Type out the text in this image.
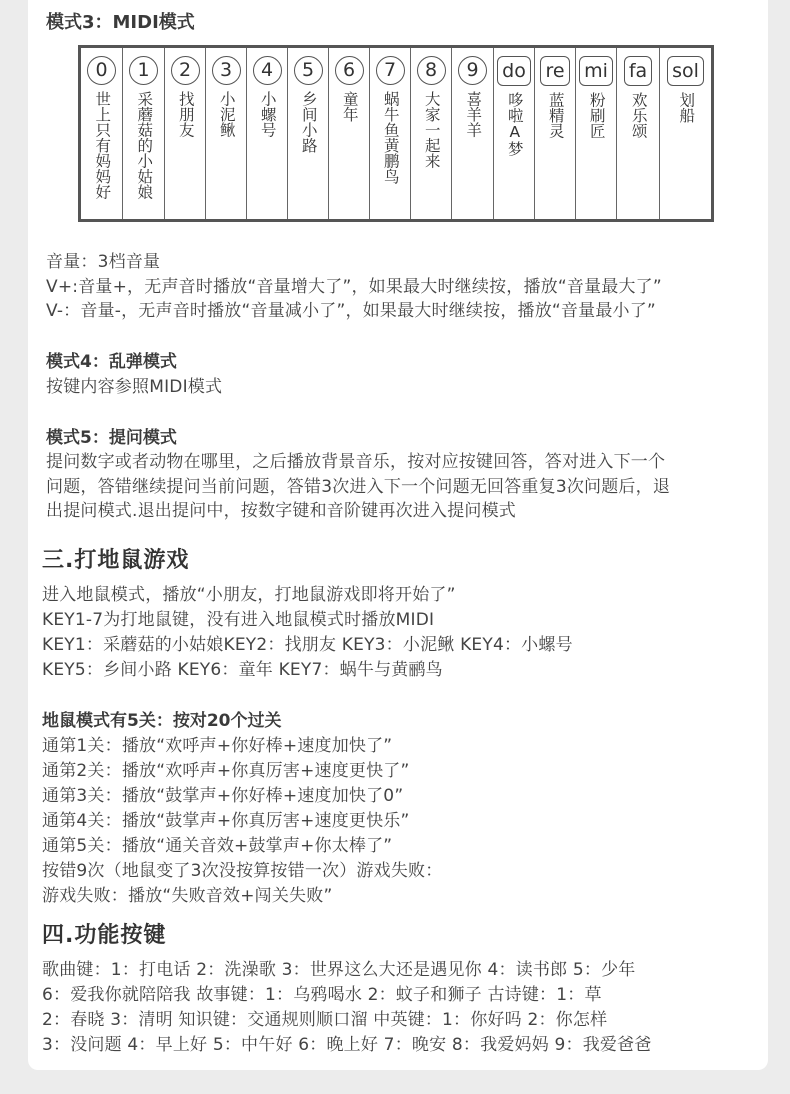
模式3：MIDI模式
0
世上只有妈妈好
1
采蘑菇的小姑娘
2
找朋友
3
小泥鳅
4
小螺号
5
乡间小路
6
童年
7
蜗牛鱼黄鹏鸟
8
大家一起来
9
喜羊羊
do
哆啦A梦
re
蓝精灵
mi
粉刷匠
fa
欢乐颂
sol
划船
音量：3档音量
V+:音量+，无声音时播放“音量增大了”，如果最大时继续按，播放“音量最大了”
V-：音量-，无声音时播放“音量减小了”，如果最大时继续按，播放“音量最小了”
模式4：乱弹模式
按键内容参照MIDI模式
模式5：提问模式
提问数字或者动物在哪里，之后播放背景音乐，按对应按键回答，答对进入下一个
问题，答错继续提问当前问题，答错3次进入下一个问题无回答重复3次问题后，退
出提问模式.退出提问中，按数字键和音阶键再次进入提问模式
三.打地鼠游戏
进入地鼠模式，播放“小朋友，打地鼠游戏即将开始了”
KEY1-7为打地鼠键，没有进入地鼠模式时播放MIDI
KEY1：采蘑菇的小姑娘KEY2：找朋友 KEY3：小泥鳅 KEY4：小螺号
KEY5：乡间小路 KEY6：童年 KEY7：蜗牛与黄鹂鸟
地鼠模式有5关：按对20个过关
通第1关：播放“欢呼声+你好棒+速度加快了”
通第2关：播放“欢呼声+你真厉害+速度更快了”
通第3关：播放“鼓掌声+你好棒+速度加快了0”
通第4关：播放“鼓掌声+你真厉害+速度更快乐”
通第5关：播放“通关音效+鼓掌声+你太棒了”
按错9次（地鼠变了3次没按算按错一次）游戏失败：
游戏失败：播放“失败音效+闯关失败”
四.功能按键
歌曲键：1：打电话 2：洗澡歌 3：世界这么大还是遇见你 4：读书郎 5：少年
6：爱我你就陪陪我 故事键：1：乌鸦喝水 2：蚊子和狮子 古诗键：1：草
2：春晓 3：清明 知识键：交通规则顺口溜 中英键：1：你好吗 2：你怎样
3：没问题 4：早上好 5：中午好 6：晚上好 7：晚安 8：我爱妈妈 9：我爱爸爸
